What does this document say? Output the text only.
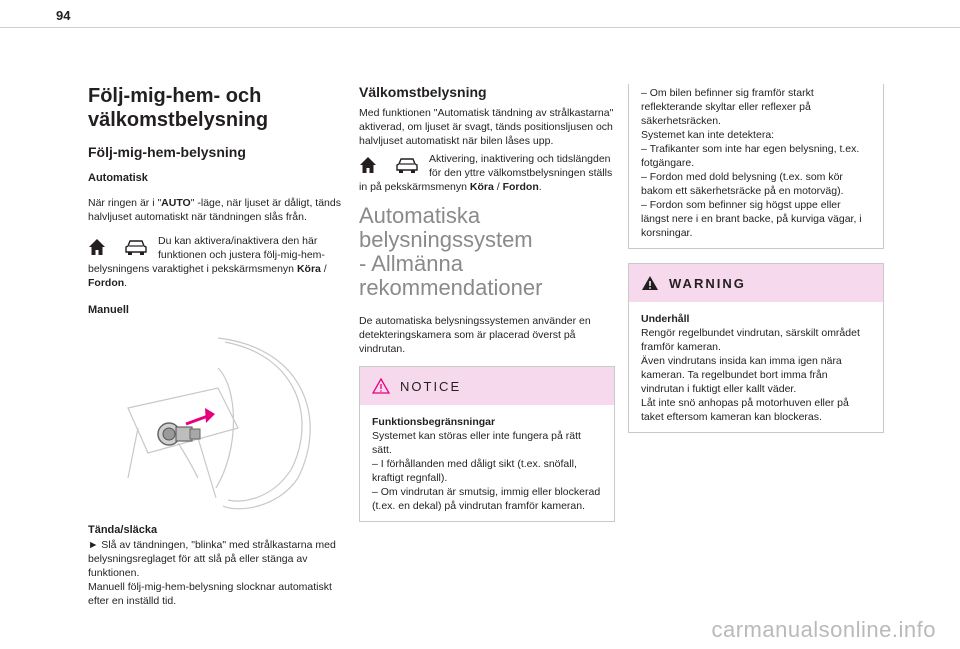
94
Följ-mig-hem- och
välkomstbelysning
Följ-mig-hem-belysning
Automatisk
När ringen är i "AUTO" -läge, när ljuset är dåligt, tänds halvljuset automatiskt när tändningen slås från.
Du kan aktivera/inaktivera den här funktionen och justera följ-mig-hem-belysningens varaktighet i pekskärmsmenyn Köra / Fordon.
Manuell
Tända/släcka
► Slå av tändningen, "blinka" med strålkastarna med belysningsreglaget för att slå på eller stänga av funktionen.
Manuell följ-mig-hem-belysning slocknar automatiskt efter en inställd tid.
Välkomstbelysning
Med funktionen "Automatisk tändning av strålkastarna" aktiverad, om ljuset är svagt, tänds positionsljusen och halvljuset automatiskt när bilen låses upp.
Aktivering, inaktivering och tidslängden för den yttre välkomstbelysningen ställs in på pekskärmsmenyn Köra / Fordon.
Automatiska
belysningssystem
- Allmänna
rekommendationer
De automatiska belysningssystemen använder en detekteringskamera som är placerad överst på vindrutan.
NOTICE
Funktionsbegränsningar
Systemet kan störas eller inte fungera på rätt sätt.
– I förhållanden med dåligt sikt (t.ex. snöfall, kraftigt regnfall).
– Om vindrutan är smutsig, immig eller blockerad (t.ex. en dekal) på vindrutan framför kameran.
– Om bilen befinner sig framför starkt reflekterande skyltar eller reflexer på säkerhetsräcken.
Systemet kan inte detektera:
– Trafikanter som inte har egen belysning, t.ex. fotgängare.
– Fordon med dold belysning (t.ex. som kör bakom ett säkerhetsräcke på en motorväg).
– Fordon som befinner sig högst uppe eller längst nere i en brant backe, på kurviga vägar, i korsningar.
WARNING
Underhåll
Rengör regelbundet vindrutan, särskilt området framför kameran.
Även vindrutans insida kan imma igen nära kameran. Ta regelbundet bort imma från vindrutan i fuktigt eller kallt väder.
Låt inte snö anhopas på motorhuven eller på taket eftersom kameran kan blockeras.
carmanualsonline.info
